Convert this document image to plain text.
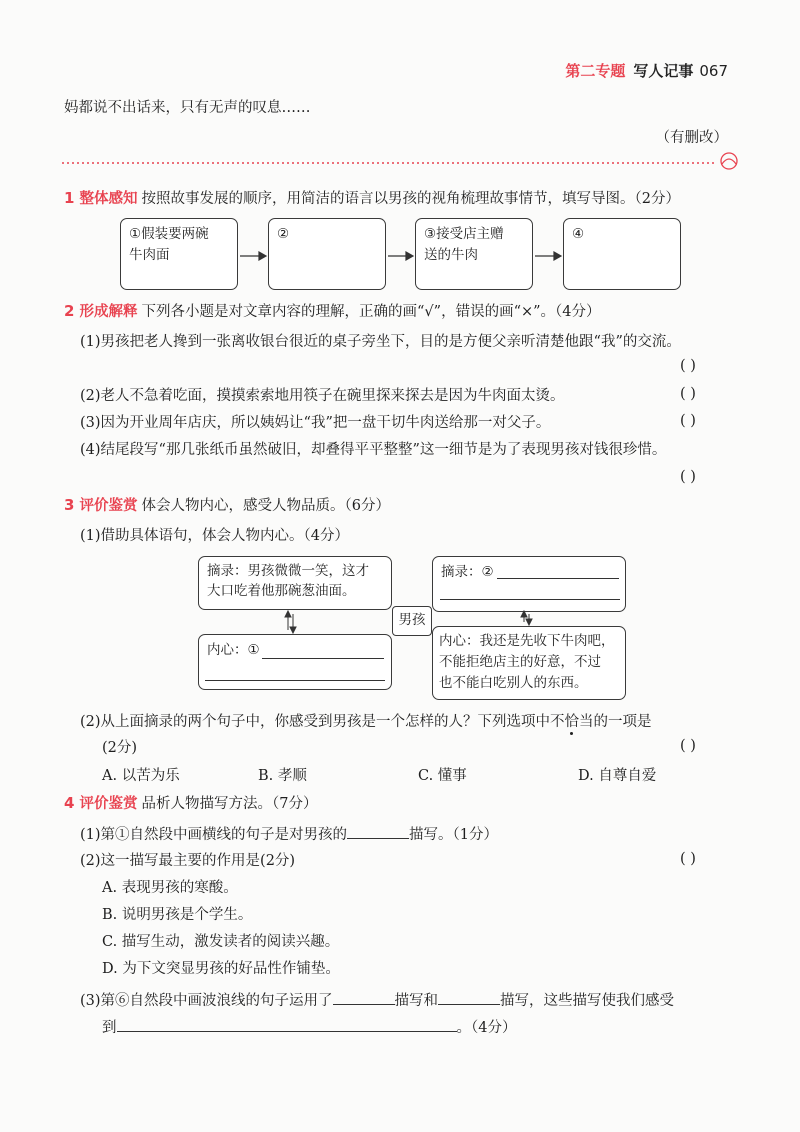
第二专题 写人记事 067
妈都说不出话来，只有无声的叹息……
（有删改）
1 整体感知 按照故事发展的顺序，用简洁的语言以男孩的视角梳理故事情节，填写导图。（2分）
①假装要两碗
牛肉面
②	③接受店主赠
送的牛肉
④
2 形成解释 下列各小题是对文章内容的理解，正确的画“√”，错误的画“×”。（4分）
(1)男孩把老人搀到一张离收银台很近的桌子旁坐下，目的是方便父亲听清楚他跟“我”的交流。
( )
(2)老人不急着吃面，摸摸索索地用筷子在碗里探来探去是因为牛肉面太烫。	( )
(3)因为开业周年店庆，所以姨妈让“我”把一盘干切牛肉送给那一对父子。	( )
(4)结尾段写“那几张纸币虽然破旧，却叠得平平整整”这一细节是为了表现男孩对钱很珍惜。
( )
3 评价鉴赏 体会人物内心，感受人物品质。（6分）
(1)借助具体语句，体会人物内心。（4分）
摘录：男孩微微一笑，这才
大口吃着他那碗葱油面。
摘录：②
男孩
内心：①
内心：我还是先收下牛肉吧，
不能拒绝店主的好意，不过
也不能白吃别人的东西。
(2)从上面摘录的两个句子中，你感受到男孩是一个怎样的人？下列选项中不恰当的一项是
(2分)	( )
A. 以苦为乐	B. 孝顺	C. 懂事	D. 自尊自爱
4 评价鉴赏 品析人物描写方法。（7分）
(1)第①自然段中画横线的句子是对男孩的	描写。（1分）
(2)这一描写最主要的作用是(2分)	( )
A. 表现男孩的寒酸。
B. 说明男孩是个学生。
C. 描写生动，激发读者的阅读兴趣。
D. 为下文突显男孩的好品性作铺垫。
(3)第⑥自然段中画波浪线的句子运用了	描写和	描写，这些描写使我们感受
到	。（4分）
